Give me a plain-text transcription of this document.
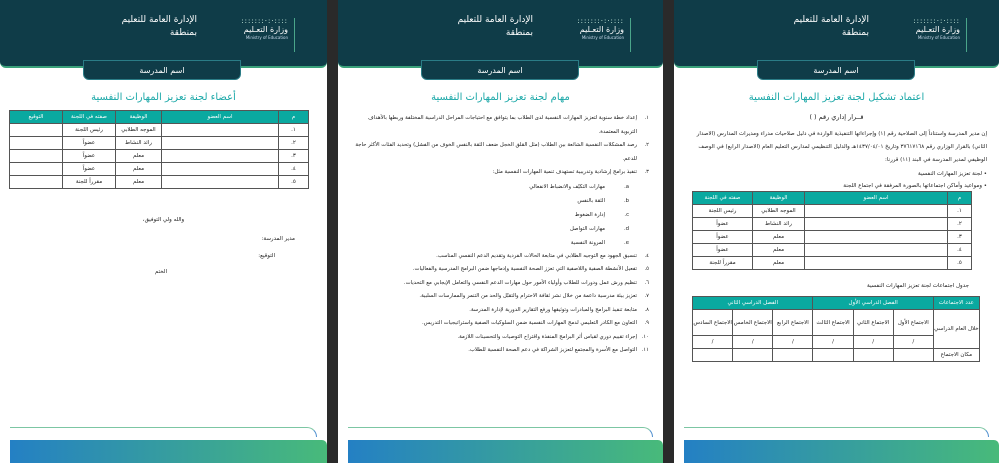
الإدارة العامة للتعليم
بمنطقة
:::::::·:·::::
وزارة التعـليم
Ministry of Education
اسم المدرسة
أعضاء لجنة تعزيز المهارات النفسية
م	اسم العضو	الوظيفة	صفته في اللجنة	التوقيع
١.		الموجه الطلابي	رئيس اللجنة	
٢.		رائد النشاط	عضواً	
٣.		معلم	عضواً	
٤.		معلم	عضواً	
٥.		معلم	مقرراً للجنة	
والله ولي التوفيق،
مدير المدرسة:
التوقيع:
الختم
الإدارة العامة للتعليم
بمنطقة
:::::::·:·::::
وزارة التعـليم
Ministry of Education
اسم المدرسة
مهام لجنة تعزيز المهارات النفسية
١.
إعداد خطة سنوية لتعزيز المهارات النفسية لدى الطلاب بما يتوافق مع احتياجات المراحل الدراسية المختلفة وربطها بالأهداف التربوية المعتمدة.
٢.
رصد المشكلات النفسية الشائعة بين الطلاب (مثل القلق الخجل ضعف الثقة بالنفس الخوف من الفشل) وتحديد الفئات الأكثر حاجة للدعم.
٣.
تنفيذ برامج إرشادية وتدريبية تستهدف تنمية المهارات النفسية مثل:
a.
مهارات التكيّف والانضباط الانفعالي
b.
الثقة بالنفس
c.
إدارة الضغوط
d.
مهارات التواصل
e.
المرونة النفسية
٤.
تنسيق الجهود مع التوجيه الطلابي في متابعة الحالات الفردية وتقديم الدعم النفسي المناسب.
٥.
تفعيل الأنشطة الصفية واللاصفية التي تعزز الصحة النفسية وإدماجها ضمن البرامج المدرسية والفعاليات.
٦.
تنظيم ورش عمل ودورات للطلاب وأولياء الأمور حول مهارات الدعم النفسي والتعامل الإيجابي مع التحديات.
٧.
تعزيز بيئة مدرسية داعمة من خلال نشر ثقافة الاحترام والتقبّل والحد من التنمر والممارسات السلبية.
٨.
متابعة تنفيذ البرامج والمبادرات وتوثيقها ورفع التقارير الدورية لإدارة المدرسة.
٩.
التعاون مع الكادر التعليمي لدمج المهارات النفسية ضمن السلوكيات الصفية واستراتيجيات التدريس.
١٠.
إجراء تقييم دوري لقياس أثر البرامج المنفذة واقتراح التوصيات والتحسينات اللازمة.
١١.
التواصل مع الأسرة والمجتمع لتعزيز الشراكة في دعم الصحة النفسية للطلاب.
الإدارة العامة للتعليم
بمنطقة
:::::::·:·::::
وزارة التعـليم
Ministry of Education
اسم المدرسة
اعتماد تشكيل لجنة تعزيز المهارات النفسية
قــرار إداري رقم ( )
إن مدير المدرسة واستناداً إلى الصلاحية رقم (١) وإجراءاتها التنفيذية الواردة في دليل صلاحيات مدراء ومديرات المدارس (الاصدار الثاني) بالقرار الوزاري رقم ٣٧٦١٧١٦٨ وتاريخ ١٤٣٧/٠٤/٠١هـ والدليل التنظيمي لمدارس التعليم العام (الاصدار الرابع) في الوصف الوظيفي لمدير المدرسة في البند (١١) قررنا:
• لجنة تعزيز المهارات النفسية
• ومواعيد وأماكن اجتماعاتها بالصورة المرفقة في اجتماع اللجنة
م	اسم العضو	الوظيفة	صفته في اللجنة
١.		الموجه الطلابي	رئيس اللجنة
٢.		رائد النشاط	عضواً
٣.		معلم	عضواً
٤.		معلم	عضواً
٥.		معلم	مقرراً للجنة
جدول اجتماعات لجنة تعزيز المهارات النفسية
عدد الاجتماعات	الفصل الدراسي الأول			الفصل الدراسي الثاني		
خلال العام الدراسي	الاجتماع الأول	الاجتماع الثاني	الاجتماع الثالث	الاجتماع الرابع	الاجتماع الخامس	الاجتماع السادس
	/	/	/	/	/	/
مكان الاجتماع						
